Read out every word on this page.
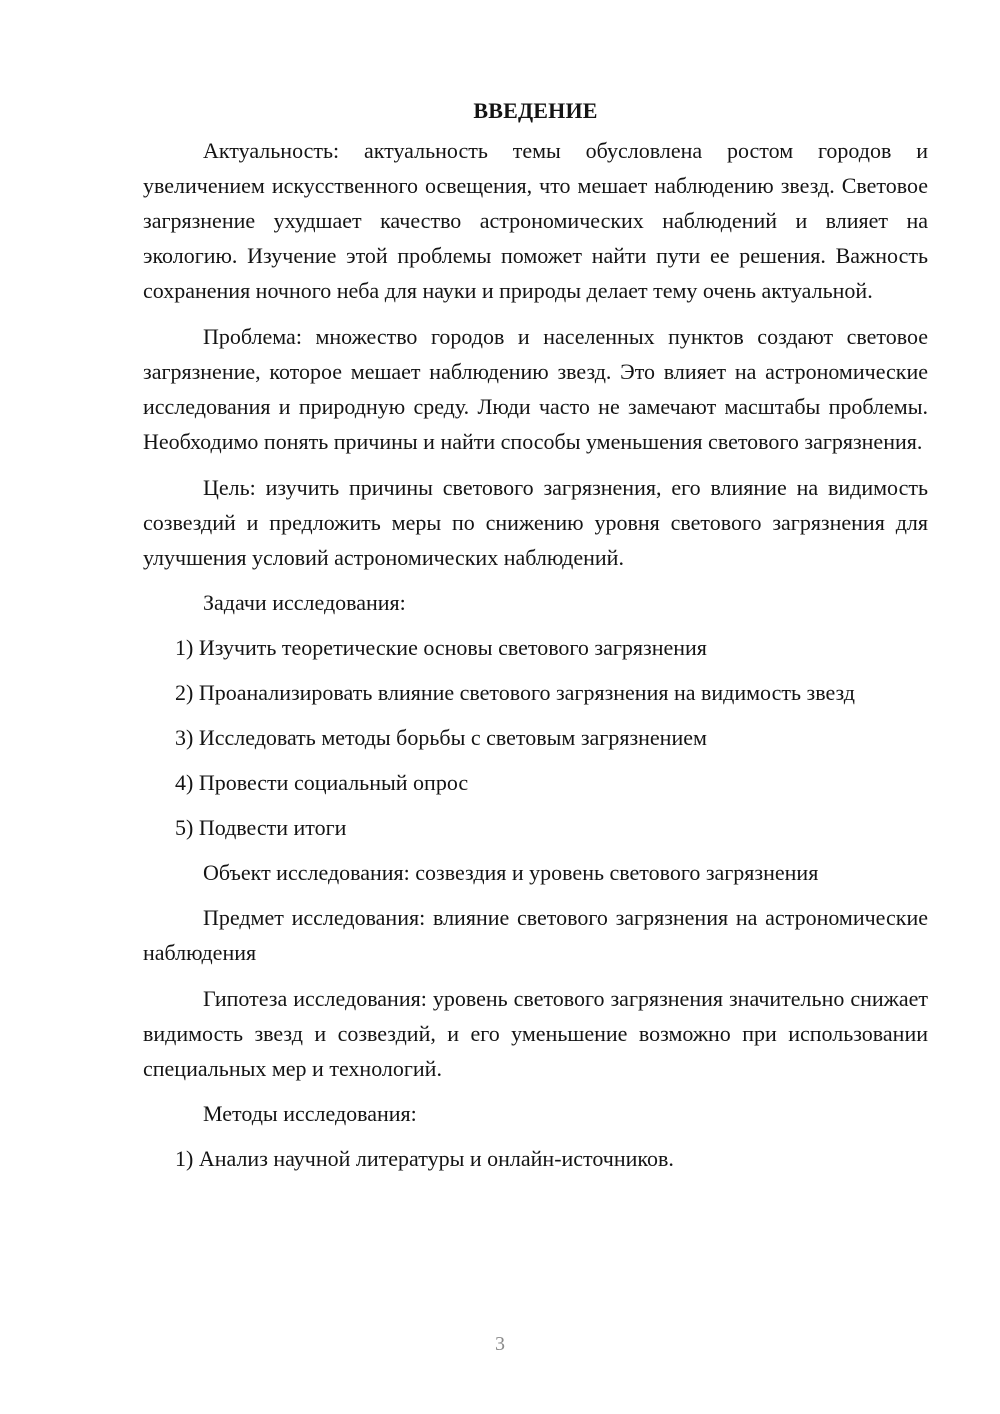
ВВЕДЕНИЕ

Актуальность: актуальность темы обусловлена ростом городов и увеличением искусственного освещения, что мешает наблюдению звезд. Световое загрязнение ухудшает качество астрономических наблюдений и влияет на экологию. Изучение этой проблемы поможет найти пути ее решения. Важность сохранения ночного неба для науки и природы делает тему очень актуальной.

Проблема: множество городов и населенных пунктов создают световое загрязнение, которое мешает наблюдению звезд. Это влияет на астрономические исследования и природную среду. Люди часто не замечают масштабы проблемы. Необходимо понять причины и найти способы уменьшения светового загрязнения.

Цель: изучить причины светового загрязнения, его влияние на видимость созвездий и предложить меры по снижению уровня светового загрязнения для улучшения условий астрономических наблюдений.

Задачи исследования:

1) Изучить теоретические основы светового загрязнения

2) Проанализировать влияние светового загрязнения на видимость звезд

3) Исследовать методы борьбы с световым загрязнением

4) Провести социальный опрос

5) Подвести итоги

Объект исследования: созвездия и уровень светового загрязнения

Предмет исследования: влияние светового загрязнения на астрономические наблюдения

Гипотеза исследования: уровень светового загрязнения значительно снижает видимость звезд и созвездий, и его уменьшение возможно при использовании специальных мер и технологий.

Методы исследования:

1) Анализ научной литературы и онлайн-источников.

3
